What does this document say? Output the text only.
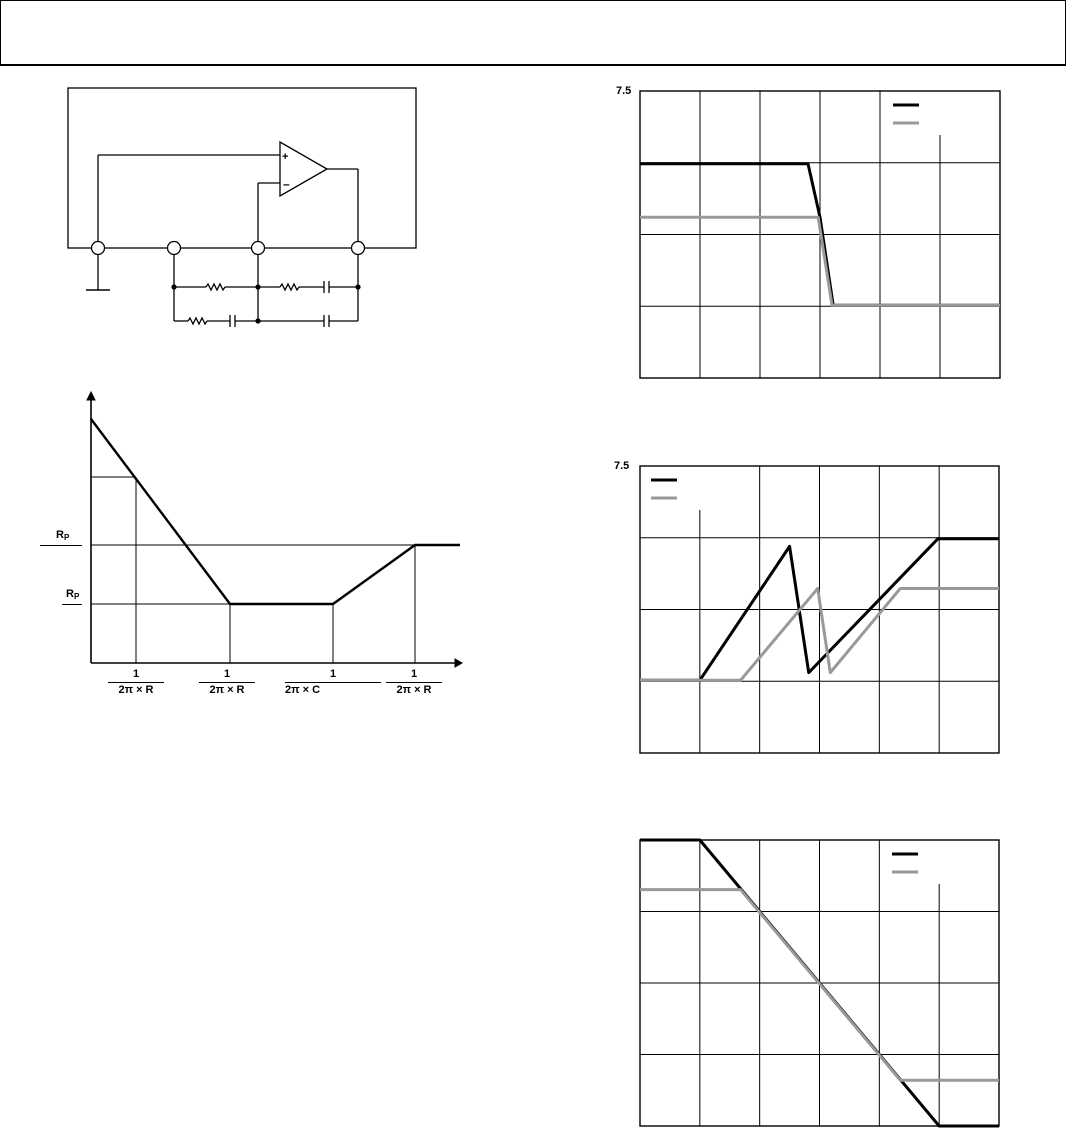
+
–
$R_P$
$R_P$
1
2π × R
1
2π × R
1
2π × C
1
2π × R
7.5
7.5
